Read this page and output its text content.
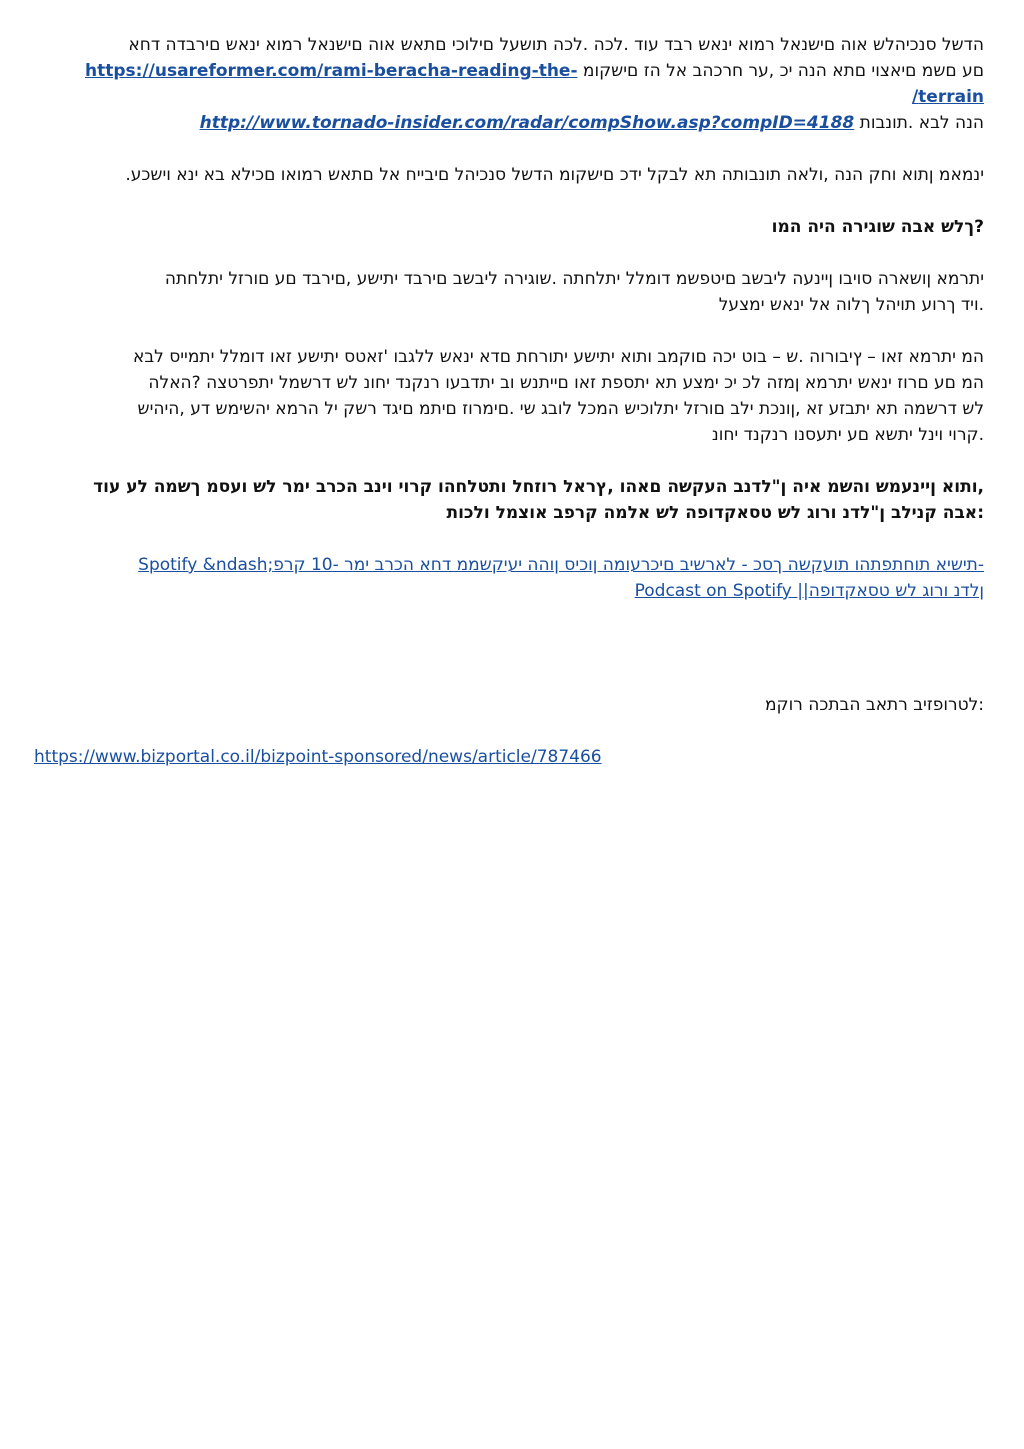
הדשל סנכיהלש אוה םישנאל רמוא ינאש רבד עוד .לכה .לכה תושעל םילוכי םתאש אוה םישנאל רמוא ינאש םירבדה דחא
םע םשמ םיאצוי םתא הנה יכ ,ער חרכהב אל הז םישקומ https://usareformer.com/rami-beracha-reading-the-terrain/
הנה לבא .תונבות http://www.tornado-insider.com/radar/compShow.asp?compID=4188

ינמאמ ןתוא וחק הנה ,ולאה תונבותה תא לבקל ידכ םישקומ הדשל סנכיהל םיבייח אל םתאש רמואו םכילא בא ינא וישכע.

?ךלש אבה שוגירה היה המו

יתרמא ןושארה סויבו ןיינעה ליבשב םיטפשמ דומלל יתלחתה .שוגירה ליבשב םירבד יתישע ,םירבד םע םורזל יתלחתה
.ויד ךרוע תויהל ךלוה אל ינאש ימצעל
המ יתרמא זאו – ץיבורוה .ש – בוט יכה םוקמב ותוא יתישע יתורחת םדא ינאש ללגבו 'זאטס יתישע זאו דומלל יתמייס לבא
המ םע םרוז ינאש יתרמא ןמזה לכ יכ ימצע תא יתספת זאו םייתנש וב יתדבעו רנקנד יחונ לש דרשמל יתפרטצה ?האלה
לש דרשמה תא יתבזע זא ,ןונכת ילב םורזל יתלוכיש המכל לובג שי .םימרוז םיתמ םיגד רשק יל הרמא יהשימש דע ,היהיש
.קרוי וינל יתשא םע יתעסנו רנקנד יחונ
,ותוא ןיינעמש והשמ איה ן"לדנב העקשה םאהו ,ץראל רוזחל ותטלחהו קרוי וינב הכרב ימר לש ועסמ ךשמה לע עוד
:אבה קנילב ן"לדנ ורוג לש טסאקדופה לש אלמה קרפב אוצמל ולכות
Spotify &ndash;תישיא תוחתפתהו תועקשה ךסכ - לארשיב םיכרעומה ןוכיס ןוהה יעיקשממ דחא הכרב ימר -10 קרפ-
ןלדנ ורוג לש טסאקדופה|| Podcast on Spotify

:לטרופזיב רתאב הבתכה רוקמ

https://www.bizportal.co.il/bizpoint-sponsored/news/article/787466
